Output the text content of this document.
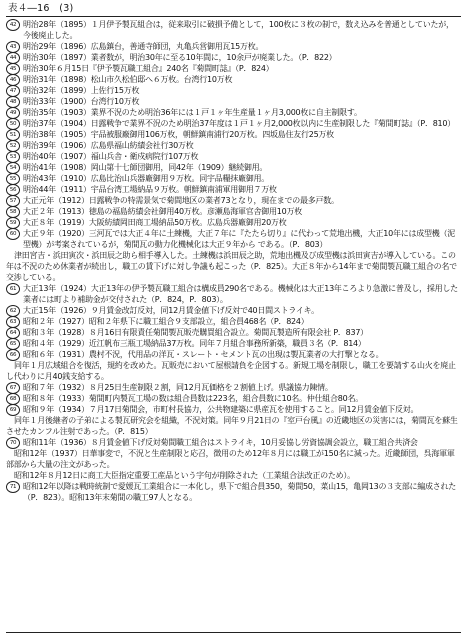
表４―16　(3)

42 明治28年（1895）１月伊予製瓦組合は，従来取引に破損予備として，100枚に３枚の制で，数え込みを普通としていたが，今後廃止した。

43 明治29年（1896）広島鎮台，善通寺師団，丸亀兵営御用瓦15万枚。

44 明治30年（1897）業者数が，明治30年に至る10年間に，10余戸が廃業した。（P．822）

45 明治30年６月15日『伊予製瓦職工組合』240名『菊間町誌』（P．824）

46 明治31年（1898）松山市久松伯邸へ６万枚。台湾行10万枚

47 明治32年（1899）上佐行15万枚

48 明治33年（1900）台湾行10万枚

49 明治35年（1903）業界不況のため明治36年には１戸１ヶ年生産量１ヶ月3,000枚に自主制限す。

50 明治37年（1904）日露戦争で業界不況のため明治37年度は１戸１ヶ月2,000枚以内に生産制限した『菊間町誌』（P．810）

51 明治38年（1905）宇品被服廠御用106万枚，朝鮮鎮南浦行20万枚。四坂島住友行25万枚

52 明治39年（1906）広島県福山紡績会社行30万枚

53 明治40年（1907）福山兵舎・衛戍病院行107万枚

54 明治41年（1908）岡山第十七師団御用，同42年（1909）継続御用。

55 明治43年（1910）広島比治山兵器廠御用９万枚。同宇品糧抹廠御用。

56 明治44年（1911）宇品台湾工場納品９万枚。朝鮮鎮南浦軍用御用７万枚

57 大正元年（1912）日露戦争の特需景気で菊間地区の業者73となり，現在までの最多戸数。

58 大正２年（1913）徳島の福島紡績会社御用40万枚。彦瀬島海軍官舎御用10万枚

59 大正８年（1919）大阪紡績岡田商工場納品50万枚。広島兵器廠御用20万枚

60 大正９年（1920）三河瓦では大正４年に土練機，大正７年に『たたら切り』に代わって荒地出機，大正10年には成型機（泥型機）が考案されているが，菊間瓦の動力化機械化は大正９年から である。（P．803）

津田宮吉・浜田寅次・浜田辰之助ら相手導入した。土練機は浜田辰之助，荒地出機及び成型機は浜田寅吉が導入している。この年は不況のため休業者が続出し，職工の賃下げに対し争議も起こった（P．825）。大正８年から14年まで菊間製瓦職工組合の名で交渉している。

61 大正13年（1924）大正13年の伊予製瓦職工組合は構成員290名である。機械化は大正13年ころより急激に普及し，採用した業者には町より補助金が交付された（P．824，P．803）。

62 大正15年（1926）９月賃金改訂反対，同12月賃金値下げ反対で40日間ストライキ。

63 昭和２年（1927）昭和２年県下に職工組合９支部設立，組合員468名（P．824）

64 昭和３年（1928）８月16日有限責任菊間製瓦販売購買組合設立。菊間瓦製造所有限会社 P．837）

65 昭和４年（1929）近江帆布三瓶工場納品37万枚。同年７月組合事務所新築，職員３名（P．814）

66 昭和６年（1931）農村不況，代用品の洋瓦・スレート・セメント瓦の出現は製瓦業者の大打撃となる。

同年１月広域組合を復活，規約を改めた。瓦販売において屋根請負を企図する。新規工場を制限し，職工を要請する山火を廃止し代わりに月40銭支給する。

67 昭和７年（1932）８月25日生産制限２割，同12月瓦価格を２割値上げ。県議協力陳情。

68 昭和８年（1933）菊間町内製瓦工場の数は組合員数は223名，組合員数に10名。仲仕組合80名。

69 昭和９年（1934）７月17日菊間会，市町村長協力，公共物建築に県産瓦を使用すること。同12月賃金値下反対。

同年１月後継者の子弟による製瓦研究会を組織，不況対策。同年９月21日の『室戸台風』の近畿地区の災害には，菊間瓦を蘇生させたカンフル注射であった。（P．815）

70 昭和11年（1936）８月賃金値下げ反対菊間職工組合はストライキ，10月妥協し労資協調会設立，職工組合共済会

昭和12年（1937）日華事変で，不況と生産制限と応召，徴用のため12年８月には職工が150名に減った。近畿師団，呉海軍軍部部から大量の注文があった。

昭和12年８月12日に商工大臣指定重要工産品という字句が削除された（工業組合法改正のため）。

71 昭和12年以降は戦時統制で愛媛瓦工業組合に一本化し，県下で組合員350，菊間50，菜山15，亀岡13の３支部に編成された（P．823）。昭和13年末菊間の職工97人となる。
